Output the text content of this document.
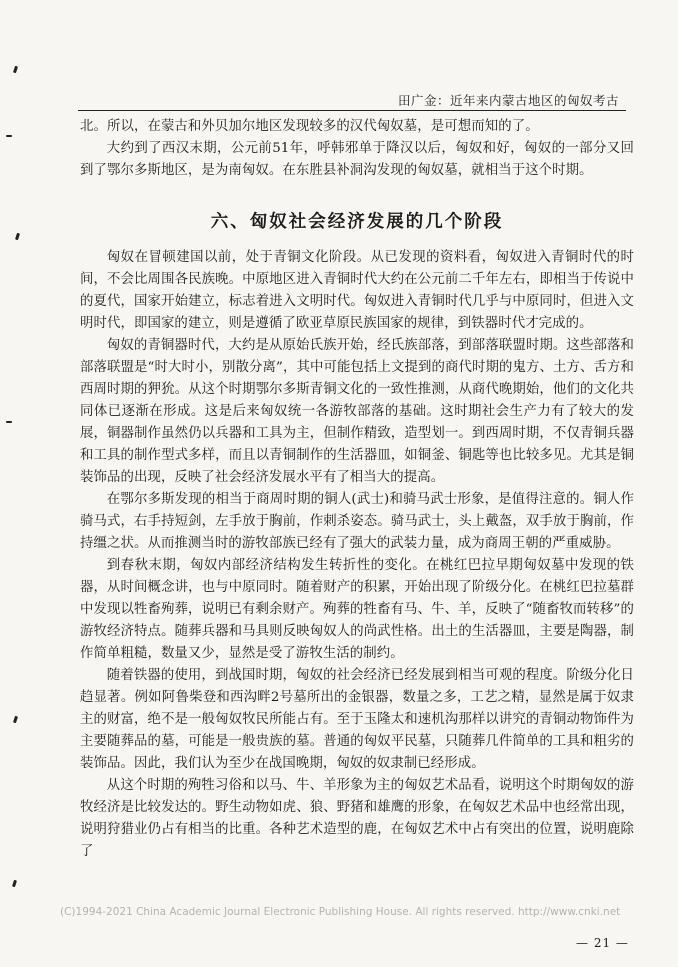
田广金：近年来内蒙古地区的匈奴考古

北。所以，在蒙古和外贝加尔地区发现较多的汉代匈奴墓，是可想而知的了。

大约到了西汉末期，公元前51年，呼韩邪单于降汉以后，匈奴和好，匈奴的一部分又回到了鄂尔多斯地区，是为南匈奴。在东胜县补洞沟发现的匈奴墓，就相当于这个时期。

六、匈奴社会经济发展的几个阶段

匈奴在冒顿建国以前，处于青铜文化阶段。从已发现的资料看，匈奴进入青铜时代的时间，不会比周围各民族晚。中原地区进入青铜时代大约在公元前二千年左右，即相当于传说中的夏代，国家开始建立，标志着进入文明时代。匈奴进入青铜时代几乎与中原同时，但进入文明时代，即国家的建立，则是遵循了欧亚草原民族国家的规律，到铁器时代才完成的。

匈奴的青铜器时代，大约是从原始氏族开始，经氏族部落，到部落联盟时期。这些部落和部落联盟是“时大时小，别散分离”，其中可能包括上文提到的商代时期的鬼方、土方、舌方和西周时期的狎狁。从这个时期鄂尔多斯青铜文化的一致性推测，从商代晚期始，他们的文化共同体已逐渐在形成。这是后来匈奴统一各游牧部落的基础。这时期社会生产力有了较大的发展，铜器制作虽然仍以兵器和工具为主，但制作精致，造型划一。到西周时期，不仅青铜兵器和工具的制作型式多样，而且以青铜制作的生活器皿，如铜釜、铜匙等也比较多见。尤其是铜装饰品的出现，反映了社会经济发展水平有了相当大的提高。

在鄂尔多斯发现的相当于商周时期的铜人(武士)和骑马武士形象，是值得注意的。铜人作骑马式，右手持短剑，左手放于胸前，作刺杀姿态。骑马武士，头上戴盔，双手放于胸前，作持缰之状。从而推测当时的游牧部族已经有了强大的武装力量，成为商周王朝的严重威胁。

到春秋末期，匈奴内部经济结构发生转折性的变化。在桃红巴拉早期匈奴墓中发现的铁器，从时间概念讲，也与中原同时。随着财产的积累，开始出现了阶级分化。在桃红巴拉墓群中发现以牲畜殉葬，说明已有剩余财产。殉葬的牲畜有马、牛、羊，反映了“随畜牧而转移”的游牧经济特点。随葬兵器和马具则反映匈奴人的尚武性格。出土的生活器皿，主要是陶器，制作简单粗糙，数量又少，显然是受了游牧生活的制约。

随着铁器的使用，到战国时期，匈奴的社会经济已经发展到相当可观的程度。阶级分化日趋显著。例如阿鲁柴登和西沟畔2号墓所出的金银器，数量之多，工艺之精，显然是属于奴隶主的财富，绝不是一般匈奴牧民所能占有。至于玉隆太和速机沟那样以讲究的青铜动物饰件为主要随葬品的墓，可能是一般贵族的墓。普通的匈奴平民墓，只随葬几件简单的工具和粗劣的装饰品。因此，我们认为至少在战国晚期，匈奴的奴隶制已经形成。

从这个时期的殉牲习俗和以马、牛、羊形象为主的匈奴艺术品看，说明这个时期匈奴的游牧经济是比较发达的。野生动物如虎、狼、野猪和雄鹰的形象，在匈奴艺术品中也经常出现，说明狩猎业仍占有相当的比重。各种艺术造型的鹿，在匈奴艺术中占有突出的位置，说明鹿除了

(C)1994-2021 China Academic Journal Electronic Publishing House. All rights reserved. http://www.cnki.net
— 21 —
